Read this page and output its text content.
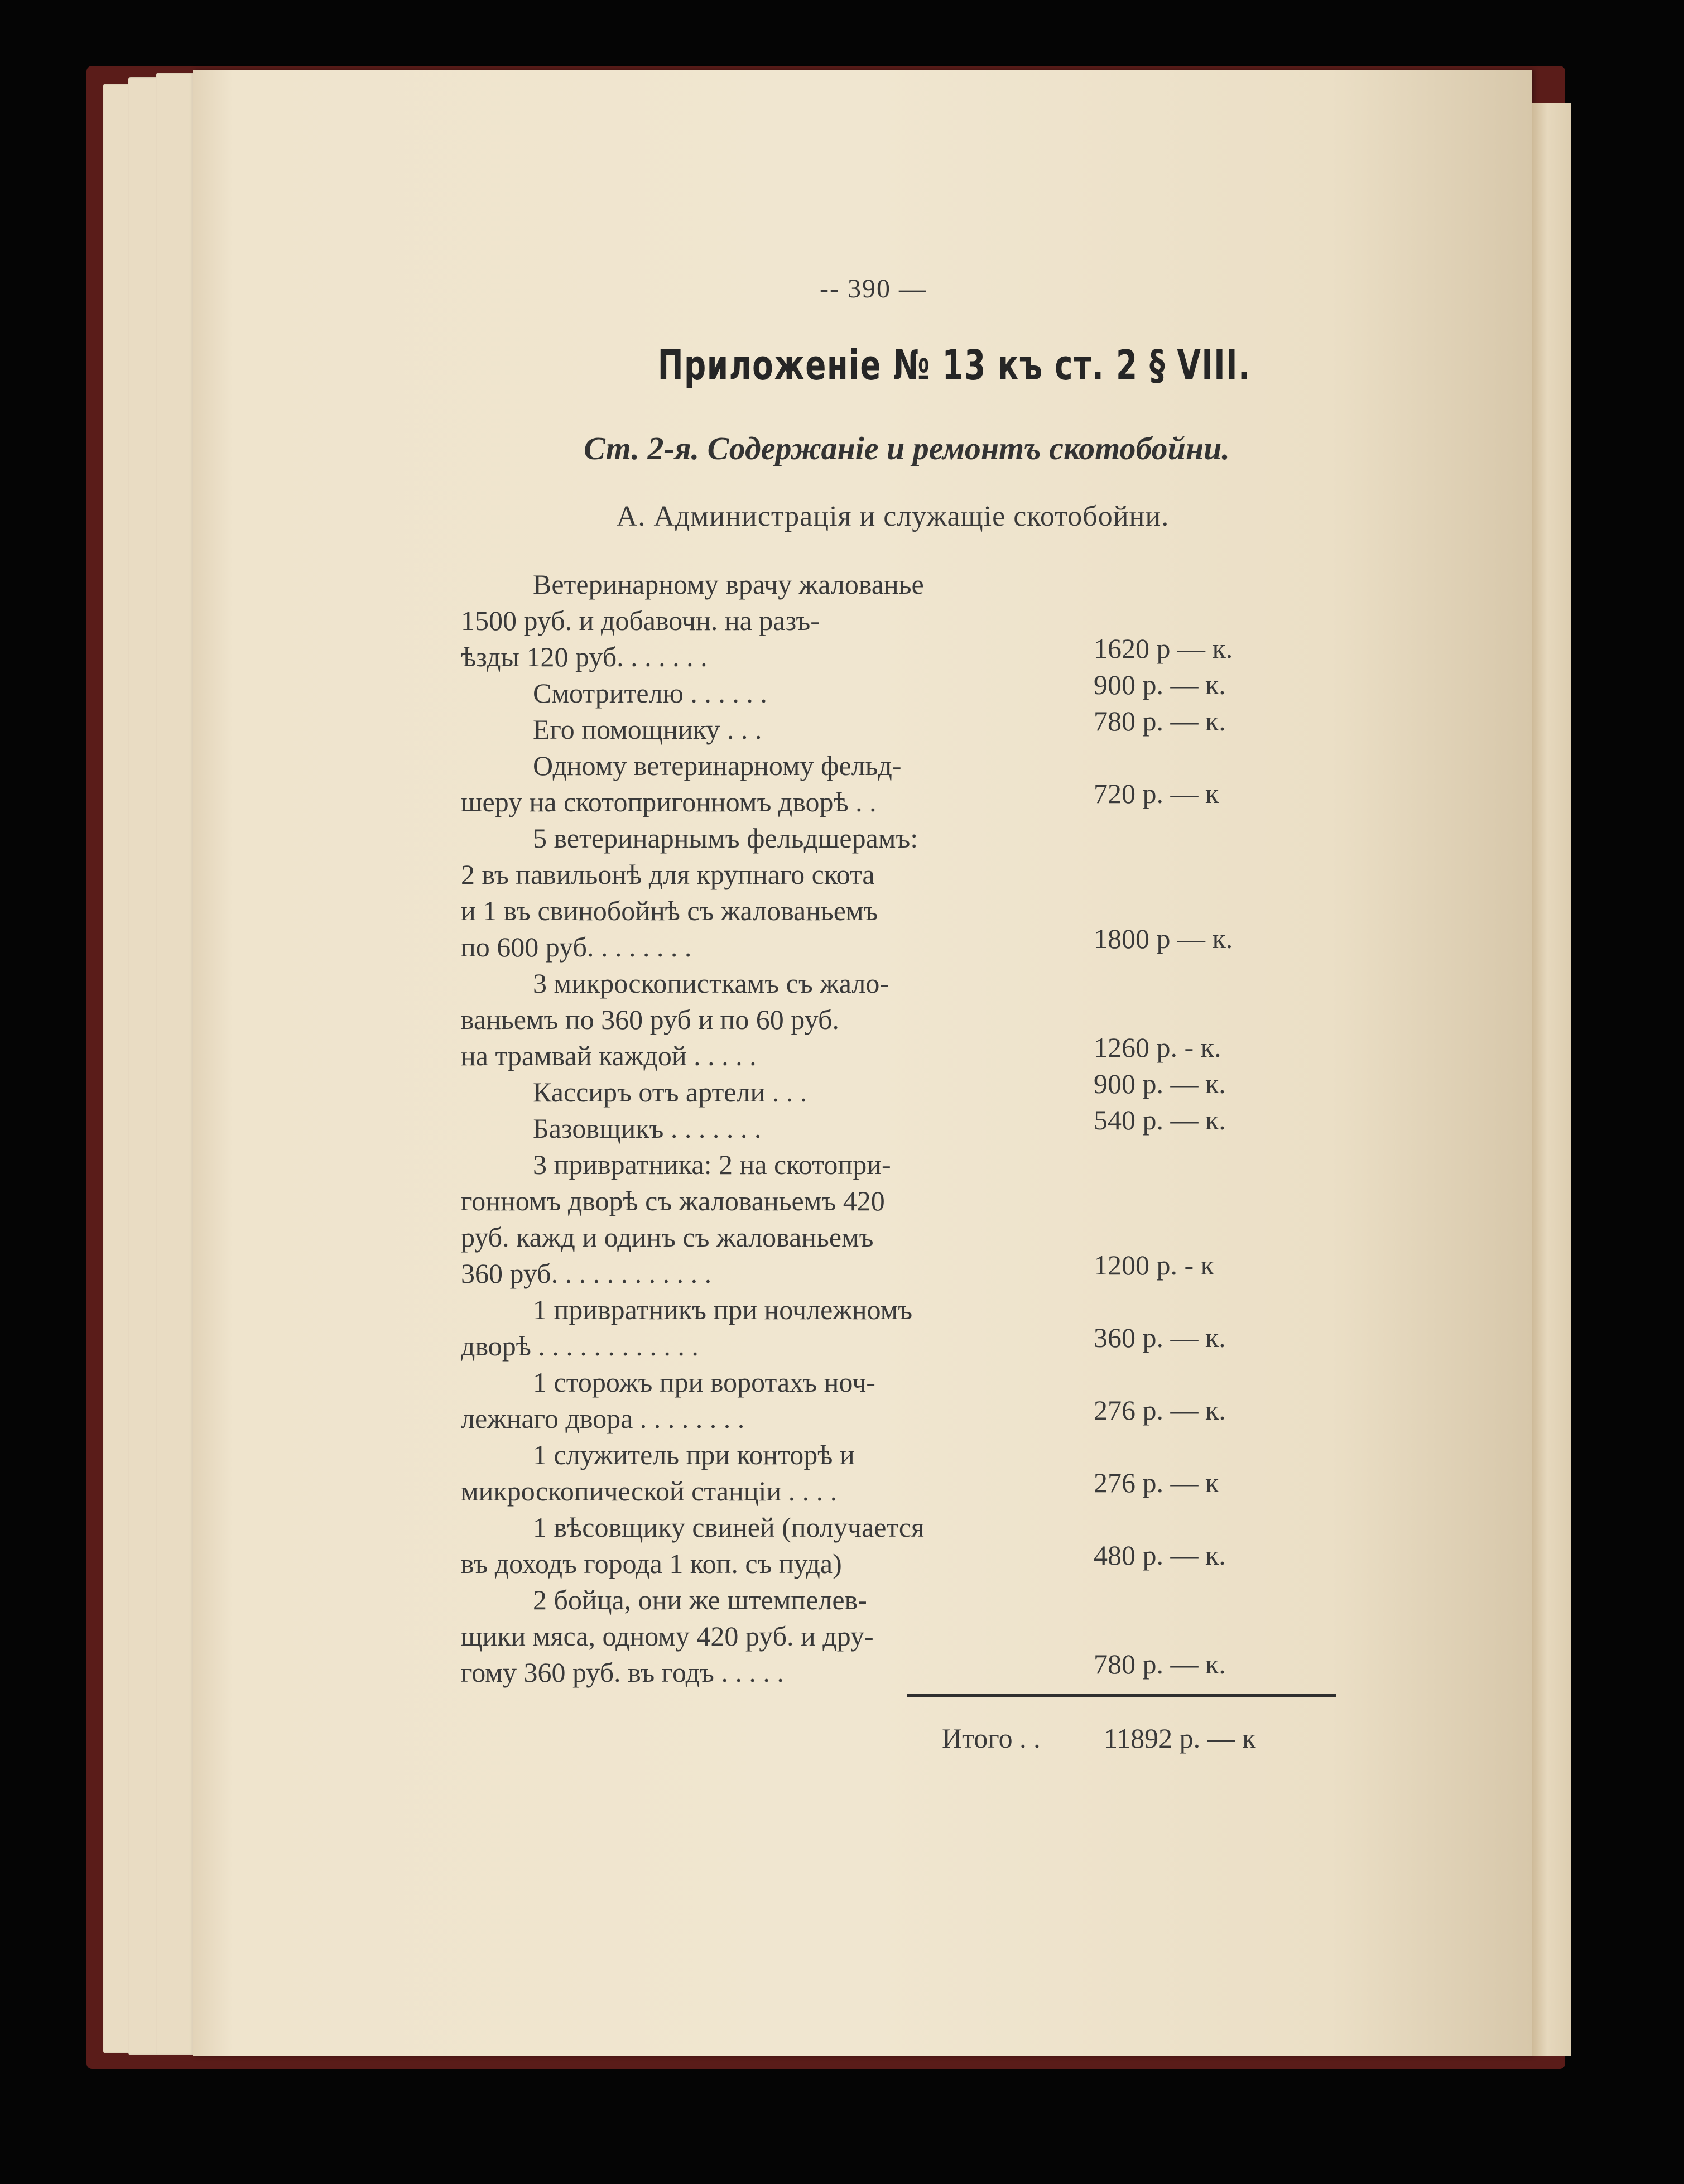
-- 390 —
Приложеніе № 13 къ ст. 2 § VIII.
Ст. 2-я. Содержаніе и ремонтъ скотобойни.
А. Администрація и служащіе скотобойни.
Ветеринарному врачу жалованье
1500 руб. и добавочн. на разъ-
ѣзды 120 руб. . . . . . .
Смотрителю . . . . . .
Его помощнику . . .
Одному ветеринарному фельд-
шеру на скотопригонномъ дворѣ . .
5 ветеринарнымъ фельдшерамъ:
2 въ павильонѣ для крупнаго скота
и 1 въ свинобойнѣ съ жалованьемъ
по 600 руб. . . . . . . .
3 микроскописткамъ съ жало-
ваньемъ по 360 руб и по 60 руб.
на трамвай каждой . . . . .
Кассиръ отъ артели . . .
Базовщикъ . . . . . . .
3 привратника: 2 на скотопри-
гонномъ дворѣ съ жалованьемъ 420
руб. кажд и одинъ съ жалованьемъ
360 руб. . . . . . . . . . . .
1 привратникъ при ночлежномъ
дворѣ . . . . . . . . . . . .
1 сторожъ при воротахъ ноч-
лежнаго двора . . . . . . . .
1 служитель при конторѣ и
микроскопической станціи . . . .
1 вѣсовщику свиней (получается
въ доходъ города 1 коп. съ пуда)
2 бойца, они же штемпелев-
щики мяса, одному 420 руб. и дру-
гому 360 руб. въ годъ . . . . .
1620 р — к.
900 р. — к.
780 р. — к.
720 р. — к
1800 р — к.
1260 р. - к.
900 р. — к.
540 р. — к.
1200 р. - к
360 р. — к.
276 р. — к.
276 р. — к
480 р. — к.
780 р. — к.
Итого . .	11892 р. — к
